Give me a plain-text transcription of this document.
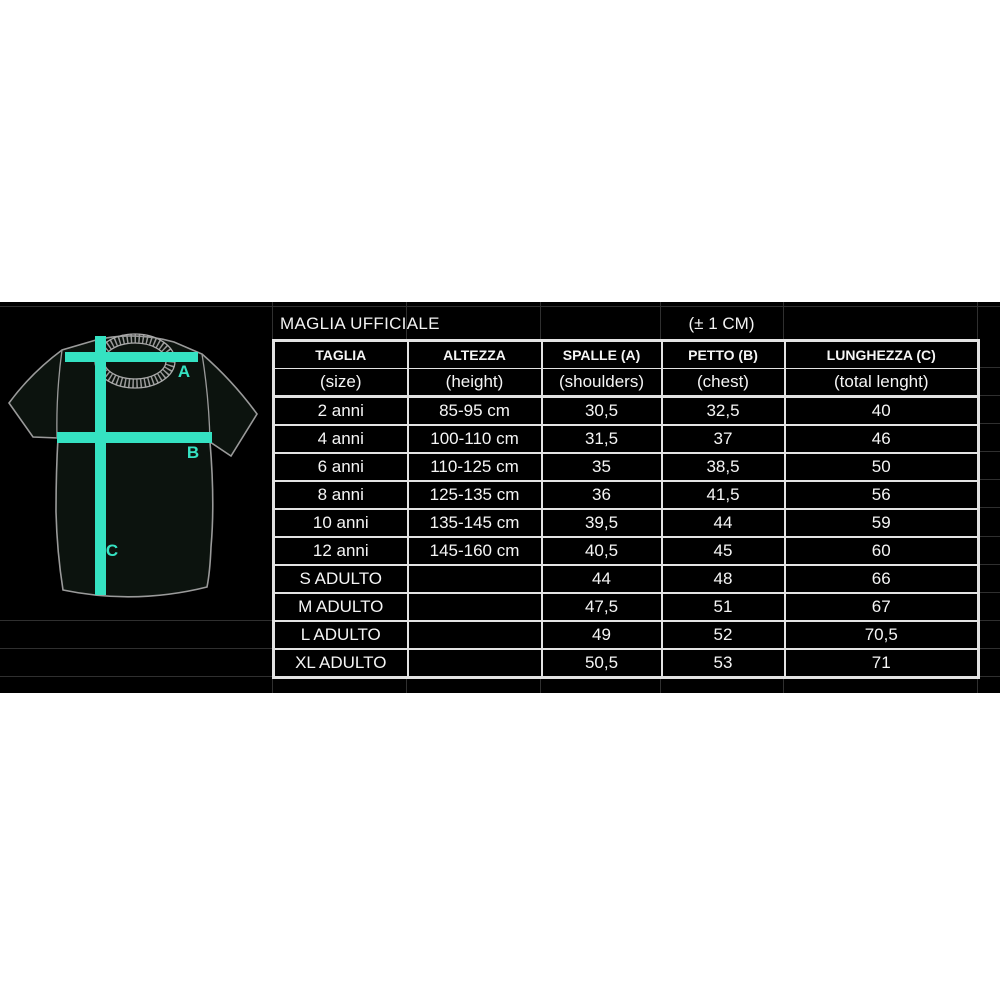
A
B
C
MAGLIA UFFICIALE	(± 1 CM)
TAGLIA	ALTEZZA	SPALLE (A)	PETTO (B)	LUNGHEZZA (C)
(size)	(height)	(shoulders)	(chest)	(total lenght)
2 anni	85-95 cm	30,5	32,5	40
4 anni	100-110 cm	31,5	37	46
6 anni	110-125 cm	35	38,5	50
8 anni	125-135 cm	36	41,5	56
10 anni	135-145 cm	39,5	44	59
12 anni	145-160 cm	40,5	45	60
S ADULTO		44	48	66
M ADULTO		47,5	51	67
L ADULTO		49	52	70,5
XL ADULTO		50,5	53	71
